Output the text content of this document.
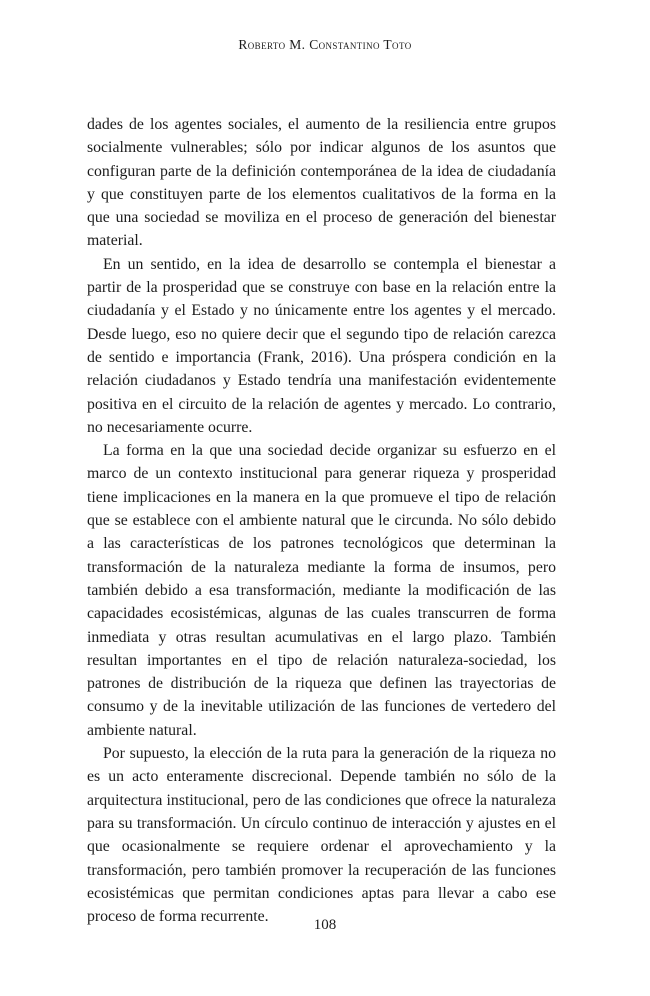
Roberto M. Constantino Toto

dades de los agentes sociales, el aumento de la resiliencia entre grupos socialmente vulnerables; sólo por indicar algunos de los asuntos que configuran parte de la definición contemporánea de la idea de ciudadanía y que constituyen parte de los elementos cualitativos de la forma en la que una sociedad se moviliza en el proceso de generación del bienestar material.

En un sentido, en la idea de desarrollo se contempla el bienestar a partir de la prosperidad que se construye con base en la relación entre la ciudadanía y el Estado y no únicamente entre los agentes y el mercado. Desde luego, eso no quiere decir que el segundo tipo de relación carezca de sentido e importancia (Frank, 2016). Una próspera condición en la relación ciudadanos y Estado tendría una manifestación evidentemente positiva en el circuito de la relación de agentes y mercado. Lo contrario, no necesariamente ocurre.

La forma en la que una sociedad decide organizar su esfuerzo en el marco de un contexto institucional para generar riqueza y prosperidad tiene implicaciones en la manera en la que promueve el tipo de relación que se establece con el ambiente natural que le circunda. No sólo debido a las características de los patrones tecnológicos que determinan la transformación de la naturaleza mediante la forma de insumos, pero también debido a esa transformación, mediante la modificación de las capacidades ecosistémicas, algunas de las cuales transcurren de forma inmediata y otras resultan acumulativas en el largo plazo. También resultan importantes en el tipo de relación naturaleza-sociedad, los patrones de distribución de la riqueza que definen las trayectorias de consumo y de la inevitable utilización de las funciones de vertedero del ambiente natural.

Por supuesto, la elección de la ruta para la generación de la riqueza no es un acto enteramente discrecional. Depende también no sólo de la arquitectura institucional, pero de las condiciones que ofrece la naturaleza para su transformación. Un círculo continuo de interacción y ajustes en el que ocasionalmente se requiere ordenar el aprovechamiento y la transformación, pero también promover la recuperación de las funciones ecosistémicas que permitan condiciones aptas para llevar a cabo ese proceso de forma recurrente.	108
